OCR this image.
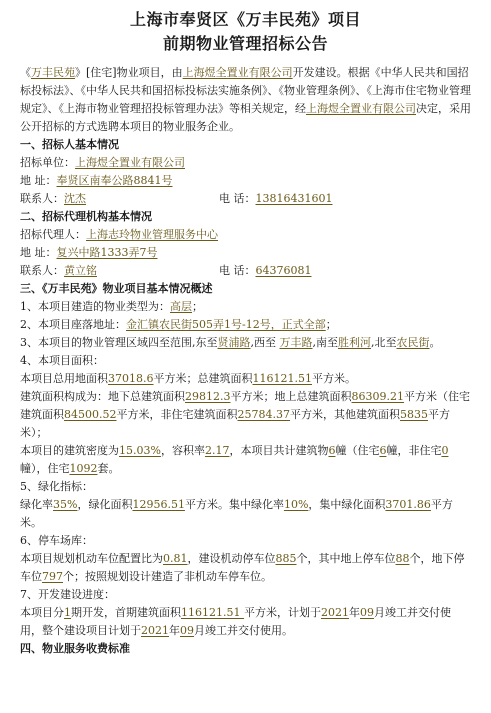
上海市奉贤区《万丰民苑》项目
前期物业管理招标公告

《万丰民苑》[住宅]物业项目，由上海煜全置业有限公司开发建设。根据《中华人民共和国招标投标法》、《中华人民共和国招标投标法实施条例》、《物业管理条例》、《上海市住宅物业管理规定》、《上海市物业管理招投标管理办法》等相关规定，经上海煜全置业有限公司决定，采用公开招标的方式选聘本项目的物业服务企业。

一、招标人基本情况

招标单位：上海煜全置业有限公司

地 址：奉贤区南奉公路8841号

联系人：沈杰	电 话：13816431601

二、招标代理机构基本情况

招标代理人：上海志玲物业管理服务中心

地 址：复兴中路1333弄7号

联系人：黄立铭	电 话：64376081

三、《万丰民苑》物业项目基本情况概述

1、本项目建造的物业类型为：高层；

2、本项目座落地址：金汇镇农民街505弄1号-12号，正式全部；

3、本项目的物业管理区域四至范围,东至贤浦路,西至 万丰路,南至胜利河,北至农民街。

4、本项目面积：

本项目总用地面积37018.6平方米；总建筑面积116121.51平方米。

建筑面积构成为：地下总建筑面积29812.3平方米；地上总建筑面积86309.21平方米（住宅建筑面积84500.52平方米，非住宅建筑面积25784.37平方米，其他建筑面积5835平方米）；

本项目的建筑密度为15.03%，容积率2.17，本项目共计建筑物6幢（住宅6幢，非住宅0幢），住宅1092套。

5、绿化指标：

绿化率35%，绿化面积12956.51平方米。集中绿化率10%，集中绿化面积3701.86平方米。

6、停车场库：

本项目规划机动车位配置比为0.81，建设机动停车位885个，其中地上停车位88个，地下停车位797个；按照规划设计建造了非机动车停车位。

7、开发建设进度：

本项目分1期开发，首期建筑面积116121.51 平方米，计划于2021年09月竣工并交付使用，整个建设项目计划于2021年09月竣工并交付使用。

四、物业服务收费标准
